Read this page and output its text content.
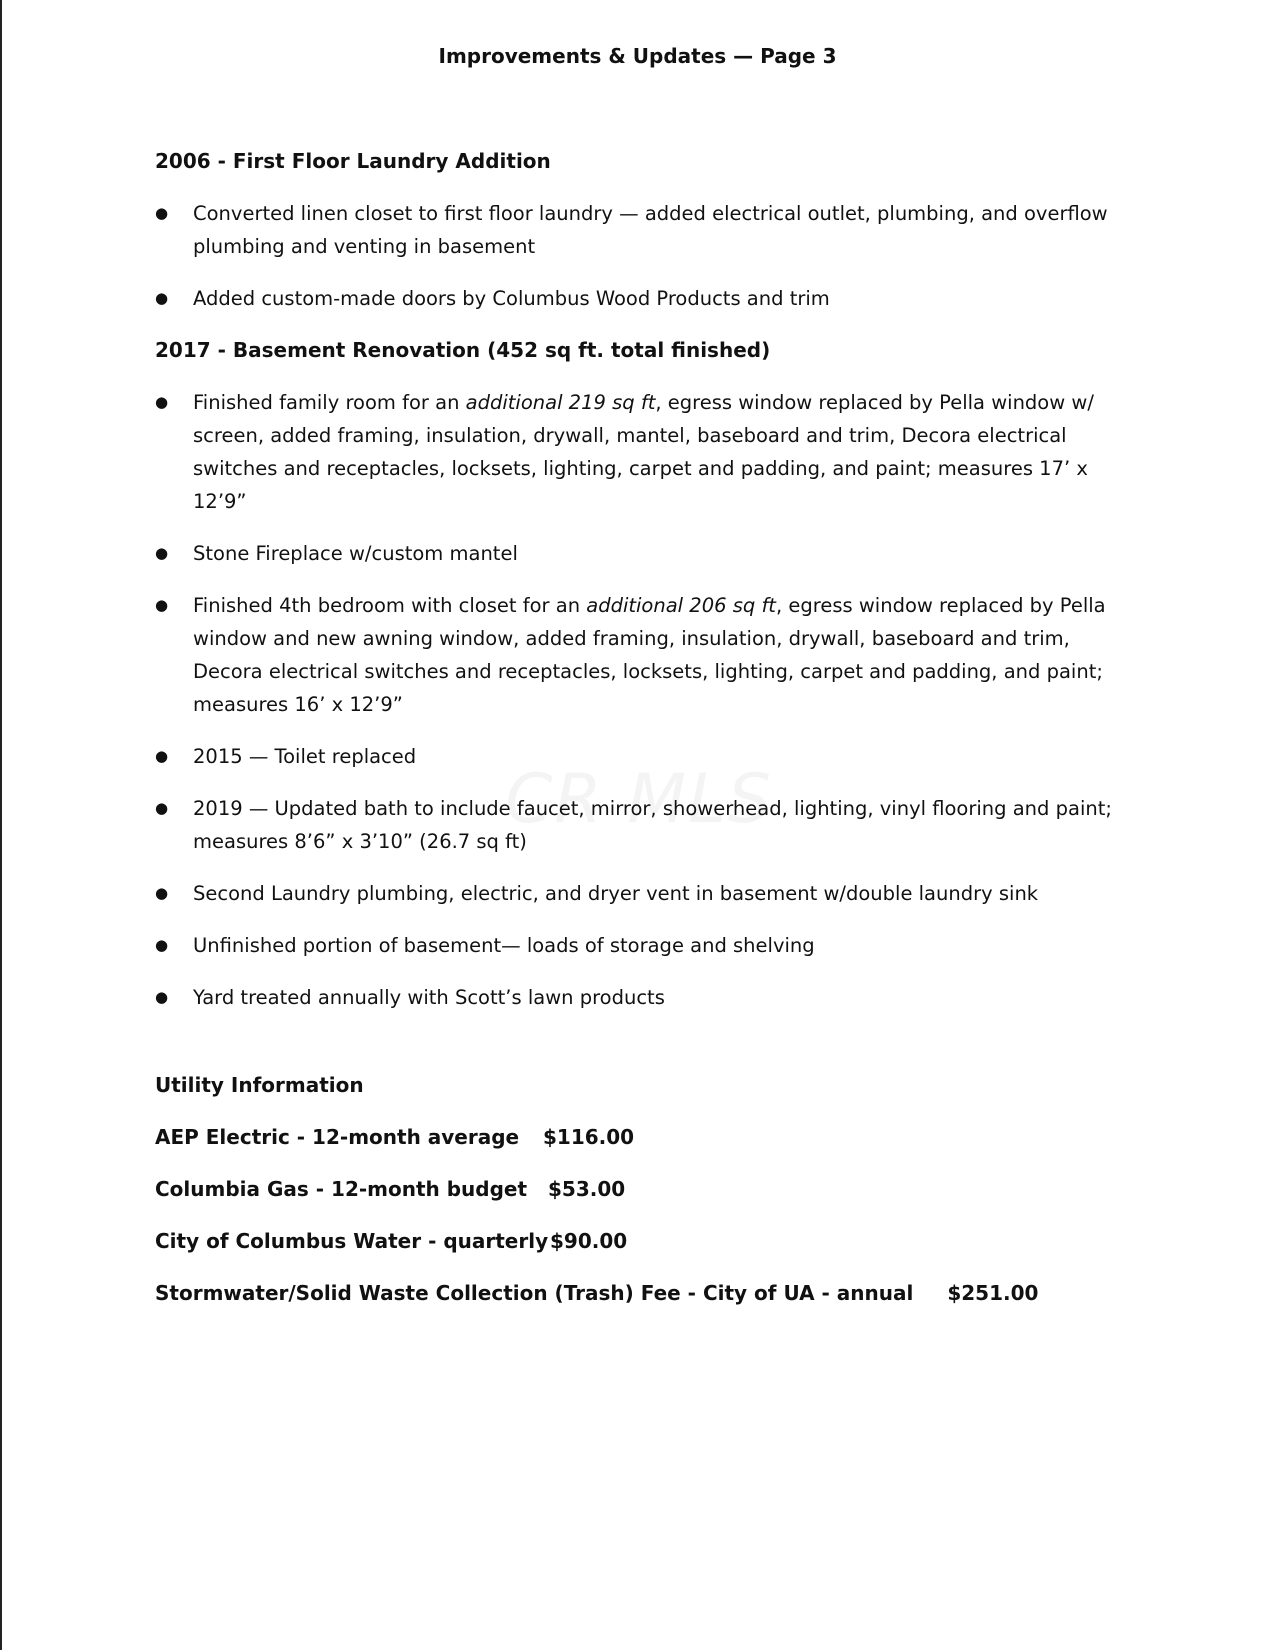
Improvements & Updates — Page 3
2006 - First Floor Laundry Addition
● Converted linen closet to first floor laundry — added electrical outlet, plumbing, and overflow plumbing and venting in basement
● Added custom-made doors by Columbus Wood Products and trim
2017 - Basement Renovation (452 sq ft. total finished)
● Finished family room for an additional 219 sq ft, egress window replaced by Pella window w/ screen, added framing, insulation, drywall, mantel, baseboard and trim, Decora electrical switches and receptacles, locksets, lighting, carpet and padding, and paint; measures 17’ x 12’9”
● Stone Fireplace w/custom mantel
● Finished 4th bedroom with closet for an additional 206 sq ft, egress window replaced by Pella window and new awning window, added framing, insulation, drywall, baseboard and trim, Decora electrical switches and receptacles, locksets, lighting, carpet and padding, and paint; measures 16’ x 12’9”
● 2015 — Toilet replaced
● 2019 — Updated bath to include faucet, mirror, showerhead, lighting, vinyl flooring and paint; measures 8’6” x 3’10” (26.7 sq ft)
● Second Laundry plumbing, electric, and dryer vent in basement w/double laundry sink
● Unfinished portion of basement— loads of storage and shelving
● Yard treated annually with Scott’s lawn products
Utility Information
AEP Electric - 12-month average	$116.00
Columbia Gas - 12-month budget	$53.00
City of Columbus Water - quarterly $90.00
Stormwater/Solid Waste Collection (Trash) Fee - City of UA - annual $251.00
